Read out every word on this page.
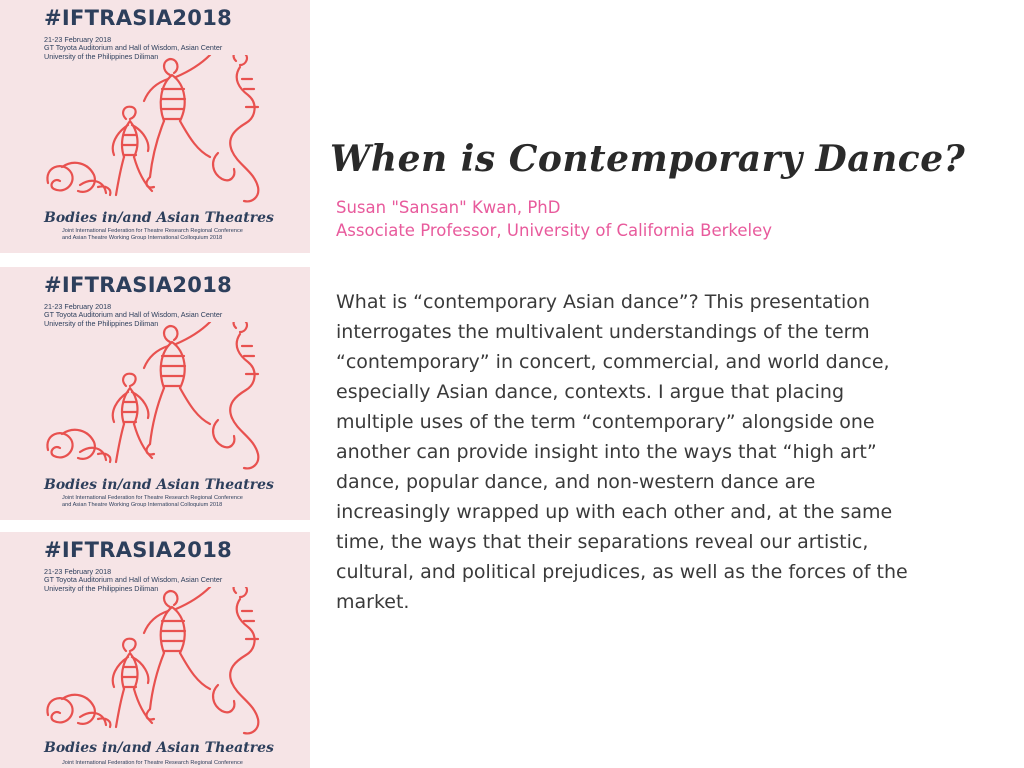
#IFTRASIA2018
21-23 February 2018
GT Toyota Auditorium and Hall of Wisdom, Asian Center
University of the Philippines Diliman
Bodies in/and Asian Theatres
Joint International Federation for Theatre Research Regional Conference
and Asian Theatre Working Group International Colloquium 2018
#IFTRASIA2018
21-23 February 2018
GT Toyota Auditorium and Hall of Wisdom, Asian Center
University of the Philippines Diliman
Bodies in/and Asian Theatres
Joint International Federation for Theatre Research Regional Conference
and Asian Theatre Working Group International Colloquium 2018
#IFTRASIA2018
21-23 February 2018
GT Toyota Auditorium and Hall of Wisdom, Asian Center
University of the Philippines Diliman
Bodies in/and Asian Theatres
Joint International Federation for Theatre Research Regional Conference
When is Contemporary Dance?
Susan "Sansan" Kwan, PhD
Associate Professor, University of California Berkeley

What is “contemporary Asian dance”? This presentation
interrogates the multivalent understandings of the term
“contemporary” in concert, commercial, and world dance,
especially Asian dance, contexts. I argue that placing
multiple uses of the term “contemporary” alongside one
another can provide insight into the ways that “high art”
dance, popular dance, and non-western dance are
increasingly wrapped up with each other and, at the same
time, the ways that their separations reveal our artistic,
cultural, and political prejudices, as well as the forces of the
market.
